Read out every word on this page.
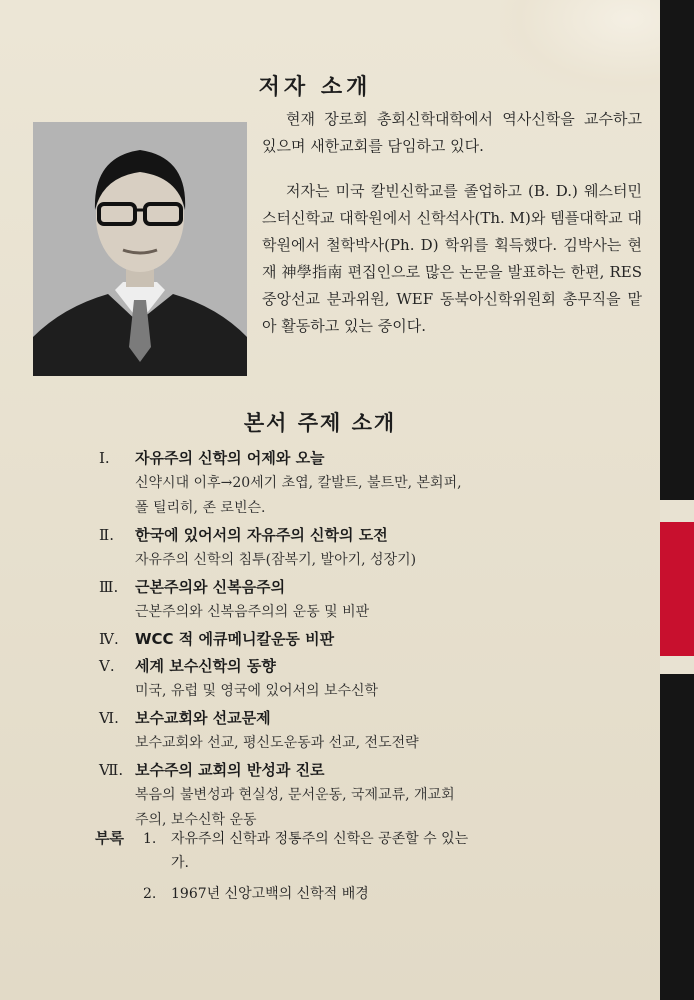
저자 소개

현재 장로회 총회신학대학에서 역사신학을 교수하고 있으며 새한교회를 담임하고 있다.

저자는 미국 칼빈신학교를 졸업하고 (B. D.) 웨스터민스터신학교 대학원에서 신학석사(Th. M)와 템플대학교 대학원에서 철학박사(Ph. D) 학위를 획득했다. 김박사는 현재 神學指南 편집인으로 많은 논문을 발표하는 한편, RES 중앙선교 분과위원, WEF 동북아신학위원회 총무직을 맡아 활동하고 있는 중이다.

본서 주제 소개
Ⅰ.	자유주의 신학의 어제와 오늘
신약시대 이후→20세기 초엽, 칼발트, 불트만, 본회퍼,
폴 틸리히, 존 로빈슨.
Ⅱ.	한국에 있어서의 자유주의 신학의 도전
자유주의 신학의 침투(잠복기, 발아기, 성장기)
Ⅲ.	근본주의와 신복음주의
근본주의와 신복음주의의 운동 및 비판
Ⅳ.	WCC 적 에큐메니칼운동 비판
Ⅴ.	세계 보수신학의 동향
미국, 유럽 및 영국에 있어서의 보수신학
Ⅵ.	보수교회와 선교문제
보수교회와 선교, 평신도운동과 선교, 전도전략
Ⅶ. 보수주의 교회의 반성과 진로
복음의 불변성과 현실성, 문서운동, 국제교류, 개교회
주의, 보수신학 운동
부록	1.	자유주의 신학과 정통주의 신학은 공존할 수 있는
가.
2.	1967년 신앙고백의 신학적 배경
